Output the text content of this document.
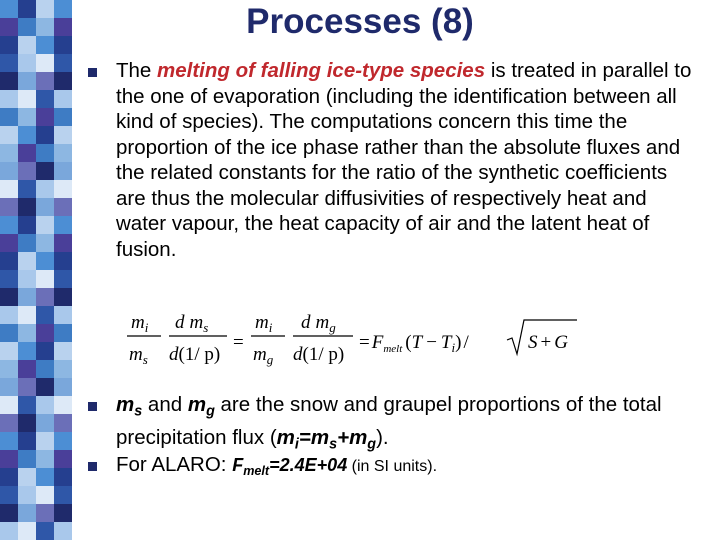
Processes (8)

The melting of falling ice-type species is treated in parallel to the one of evaporation (including the identification between all kind of species). The computations concern this time the proportion of the ice phase rather than the absolute fluxes and the related constants for the ratio of the synthetic coefficients are thus the molecular diffusivities of respectively heat and water vapour, the heat capacity of air and the latent heat of fusion.

$m_i$
$m_s$
d $m_s$
d(1/ p)
=
$m_i$
$m_g$
d $m_g$
d(1/ p)
= $F_{melt}$ $(T - T_i)$ /	S + G

$m_s$ and $m_g$ are the snow and graupel proportions of the total precipitation flux $(m_i=m_s+m_g)$.

For ALARO: $F_{melt}=2.4E+04$ (in SI units).
